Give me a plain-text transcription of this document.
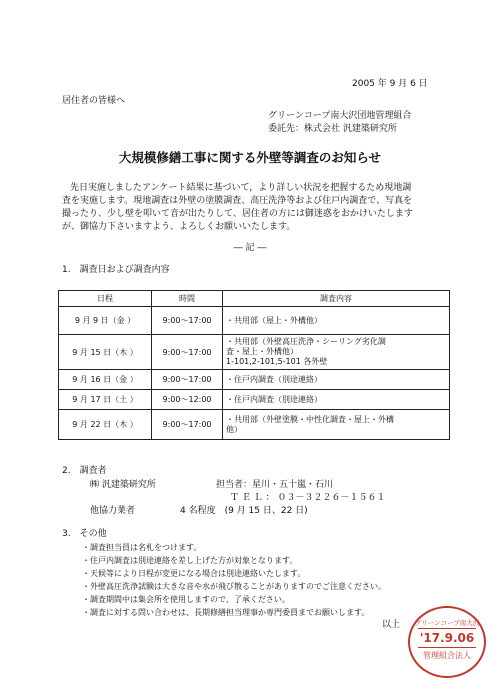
2005 年 9 月 6 日
居住者の皆様へ
グリーンコープ南大沢団地管理組合
委託先：株式会社 汎建築研究所
大規模修繕工事に関する外壁等調査のお知らせ
先日実施しましたアンケート結果に基づいて，より詳しい状況を把握するため現地調
査を実施します。現地調査は外壁の塗膜調査、高圧洗浄等および住戸内調査で、写真を
撮ったり、少し壁を叩いて音が出たりして、居住者の方には御迷惑をおかけいたします
が、御協力下さいますよう、よろしくお願いいたします。
― 記 ―
1.　調査日および調査内容
日程	時間	調査内容
9 月 9 日（金 ）	9:00～17:00	・共用部（屋上・外構他）

9 月 15 日（木 ）	9:00～17:00	・共用部（外壁高圧洗浄・シーリング劣化調
査・屋上・外構他）
1-101,2-101,5-101 各外壁

9 月 16 日（金 ）	9:00～17:00	・住戸内調査（別途連絡）

9 月 17 日（土 ）	9:00～12:00	・住戸内調査（別途連絡）

9 月 22 日（木 ）	9:00～17:00	・共用部（外壁塗膜・中性化調査・屋上・外構
他）
2.　調査者
㈱ 汎建築研究所	担当者：星川・五十嵐・石川
Ｔ Ｅ Ｌ ： ０３－３２２６－１５６１
他協力業者	4 名程度　(9 月 15 日、22 日)
3.　その他
・調査担当員は名札をつけます。
・住戸内調査は別途連絡を差し上げた方が対象となります。
・天候等により日程が変更になる場合は別途連絡いたします。
・外壁高圧洗浄試験は大きな音や水が飛び散ることがありますのでご注意ください。
・調査期間中は集会所を使用しますので、了承ください。
・調査に対する問い合わせは、長期修繕担当理事か専門委員までお願いします。
以上	グリーンコープ南大沢
'17.9.06
管理組合法人
